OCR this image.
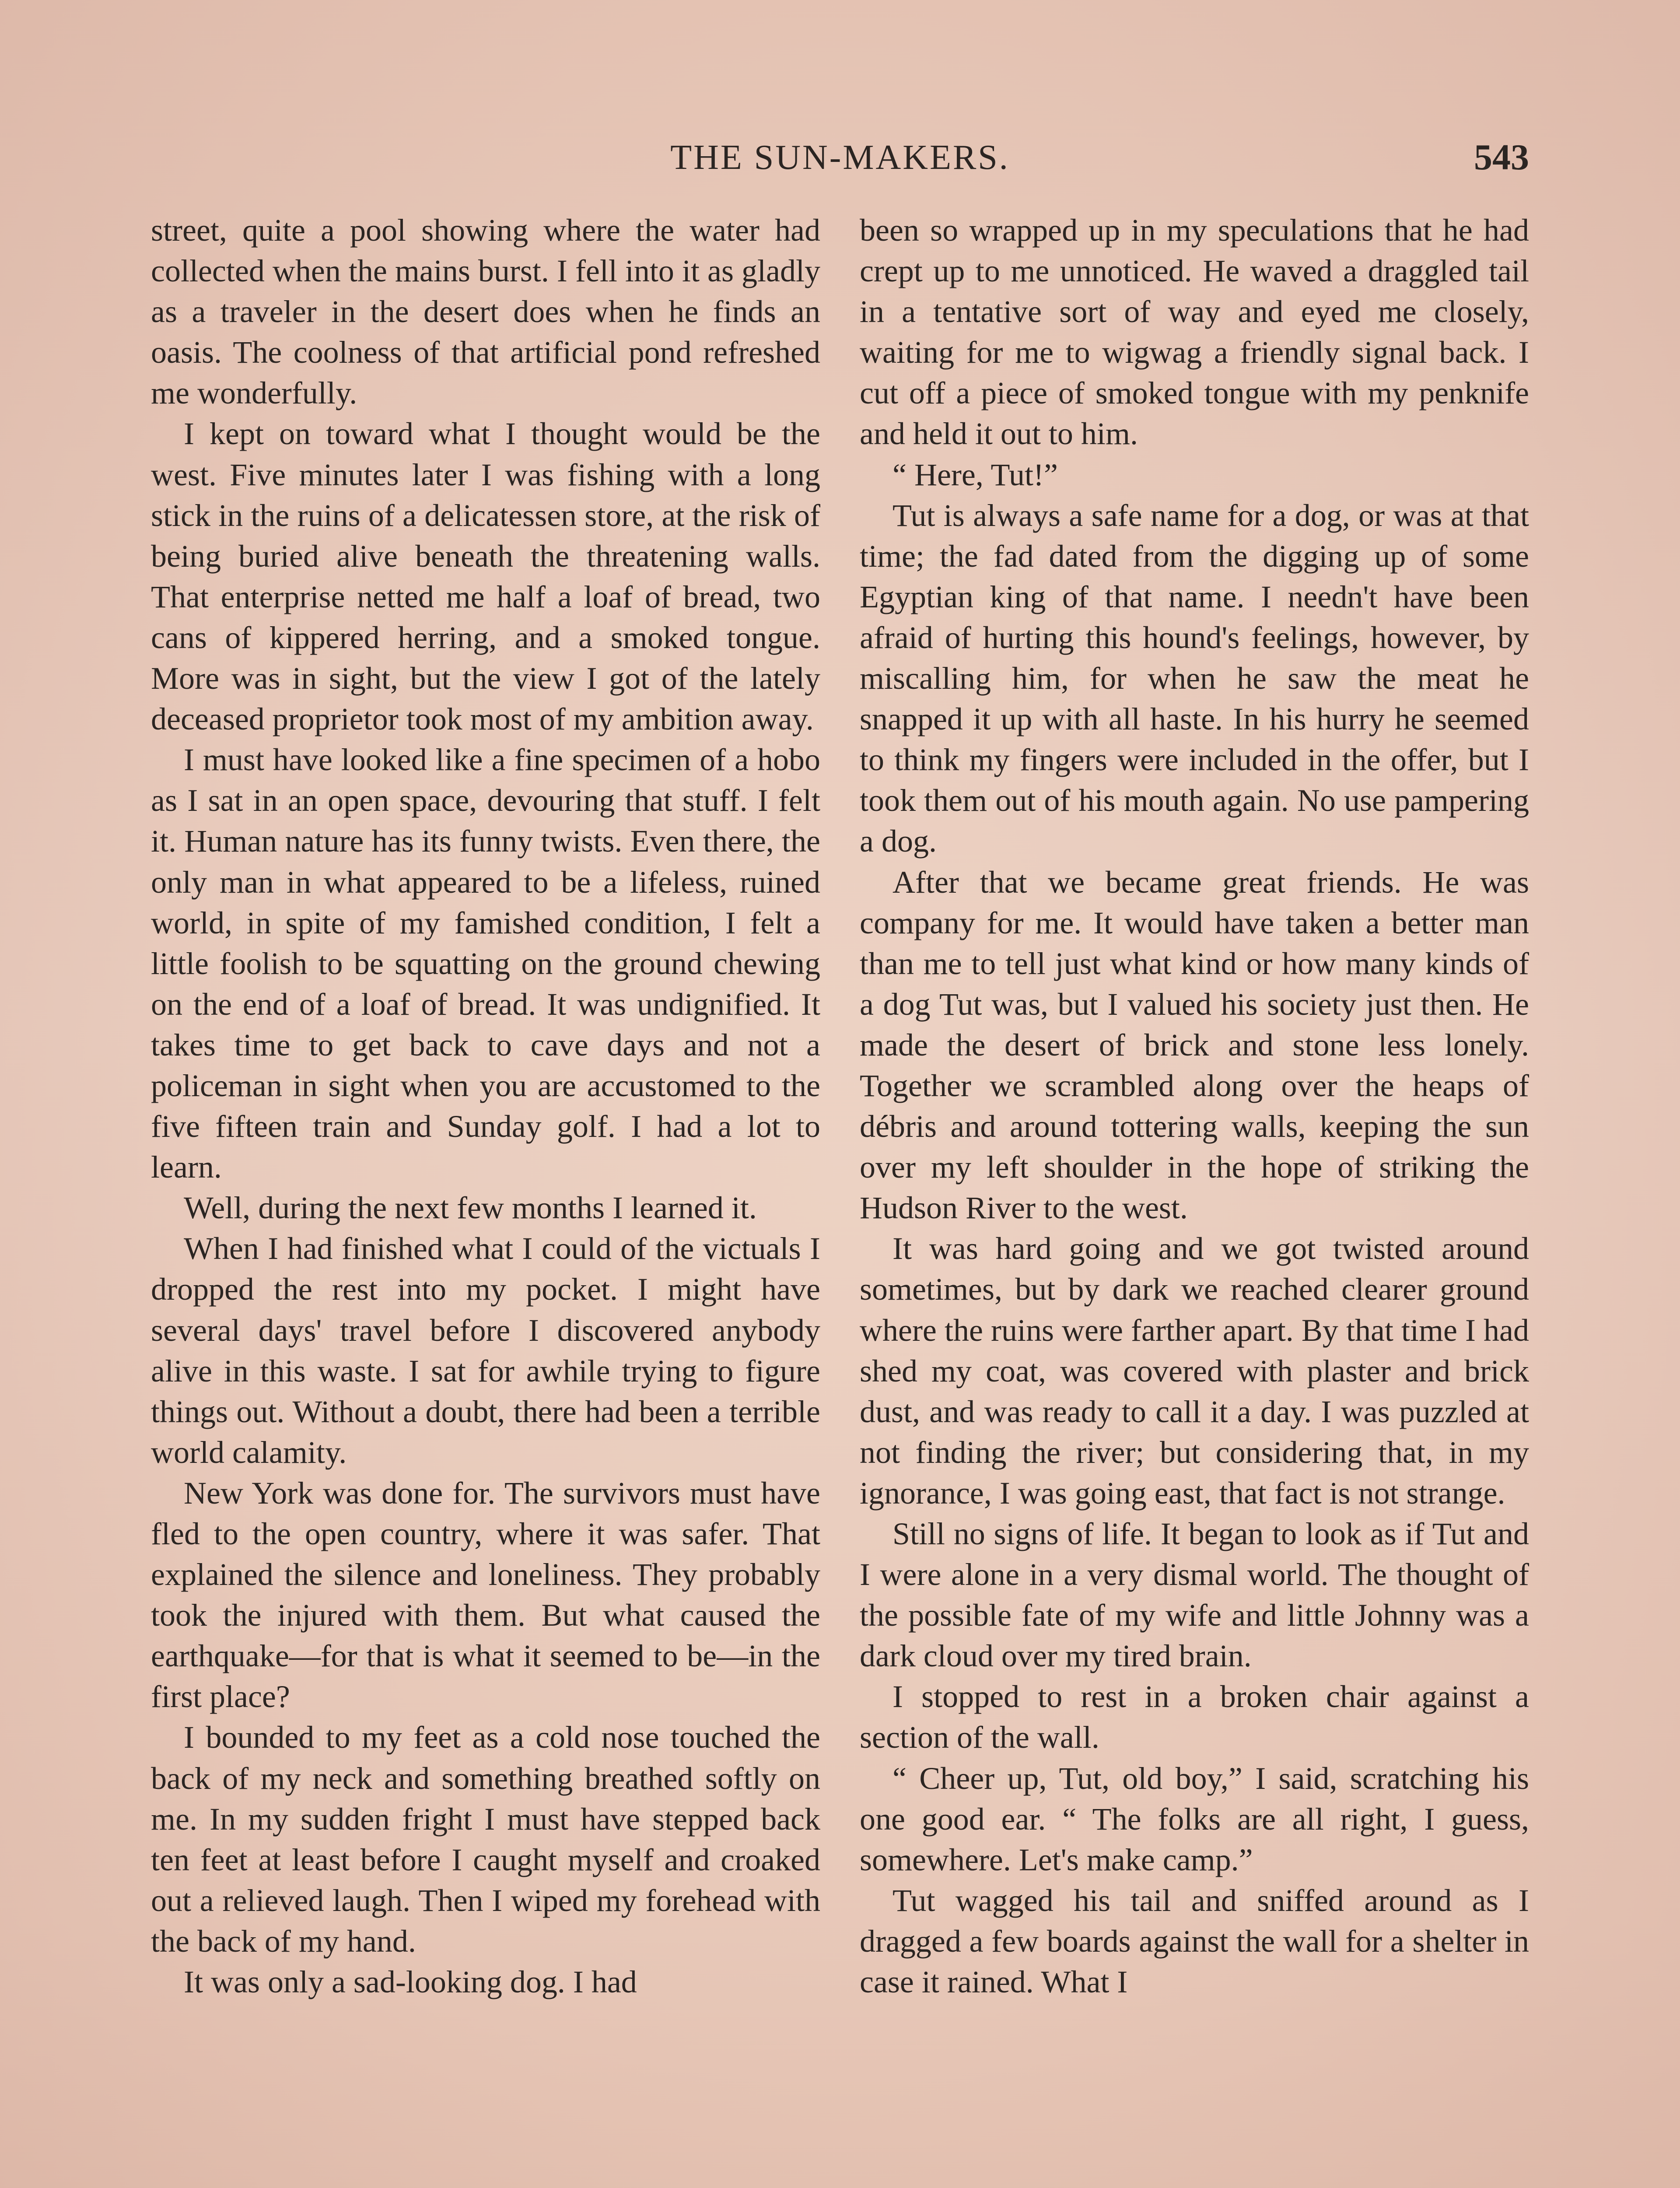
THE SUN-MAKERS.	543

street, quite a pool showing where the water had collected when the mains burst. I fell into it as gladly as a traveler in the desert does when he finds an oasis. The coolness of that artificial pond refreshed me wonderfully.

I kept on toward what I thought would be the west. Five minutes later I was fishing with a long stick in the ruins of a delicatessen store, at the risk of being buried alive beneath the threatening walls. That enterprise netted me half a loaf of bread, two cans of kippered herring, and a smoked tongue. More was in sight, but the view I got of the lately deceased proprietor took most of my ambition away.

I must have looked like a fine specimen of a hobo as I sat in an open space, devouring that stuff. I felt it. Human nature has its funny twists. Even there, the only man in what appeared to be a lifeless, ruined world, in spite of my famished condition, I felt a little foolish to be squatting on the ground chewing on the end of a loaf of bread. It was undignified. It takes time to get back to cave days and not a policeman in sight when you are accustomed to the five fifteen train and Sunday golf. I had a lot to learn.

Well, during the next few months I learned it.

When I had finished what I could of the victuals I dropped the rest into my pocket. I might have several days' travel before I discovered anybody alive in this waste. I sat for awhile trying to figure things out. Without a doubt, there had been a terrible world calamity.

New York was done for. The survivors must have fled to the open country, where it was safer. That explained the silence and loneliness. They probably took the injured with them. But what caused the earthquake—for that is what it seemed to be—in the first place?

I bounded to my feet as a cold nose touched the back of my neck and something breathed softly on me. In my sudden fright I must have stepped back ten feet at least before I caught myself and croaked out a relieved laugh. Then I wiped my forehead with the back of my hand.

It was only a sad-looking dog. I had

been so wrapped up in my speculations that he had crept up to me unnoticed. He waved a draggled tail in a tentative sort of way and eyed me closely, waiting for me to wigwag a friendly signal back. I cut off a piece of smoked tongue with my penknife and held it out to him.

“ Here, Tut!”

Tut is always a safe name for a dog, or was at that time; the fad dated from the digging up of some Egyptian king of that name. I needn't have been afraid of hurting this hound's feelings, however, by miscalling him, for when he saw the meat he snapped it up with all haste. In his hurry he seemed to think my fingers were included in the offer, but I took them out of his mouth again. No use pampering a dog.

After that we became great friends. He was company for me. It would have taken a better man than me to tell just what kind or how many kinds of a dog Tut was, but I valued his society just then. He made the desert of brick and stone less lonely. Together we scrambled along over the heaps of débris and around tottering walls, keeping the sun over my left shoulder in the hope of striking the Hudson River to the west.

It was hard going and we got twisted around sometimes, but by dark we reached clearer ground where the ruins were farther apart. By that time I had shed my coat, was covered with plaster and brick dust, and was ready to call it a day. I was puzzled at not finding the river; but considering that, in my ignorance, I was going east, that fact is not strange.

Still no signs of life. It began to look as if Tut and I were alone in a very dismal world. The thought of the possible fate of my wife and little Johnny was a dark cloud over my tired brain.

I stopped to rest in a broken chair against a section of the wall.

“ Cheer up, Tut, old boy,” I said, scratching his one good ear. “ The folks are all right, I guess, somewhere. Let's make camp.”

Tut wagged his tail and sniffed around as I dragged a few boards against the wall for a shelter in case it rained. What I
